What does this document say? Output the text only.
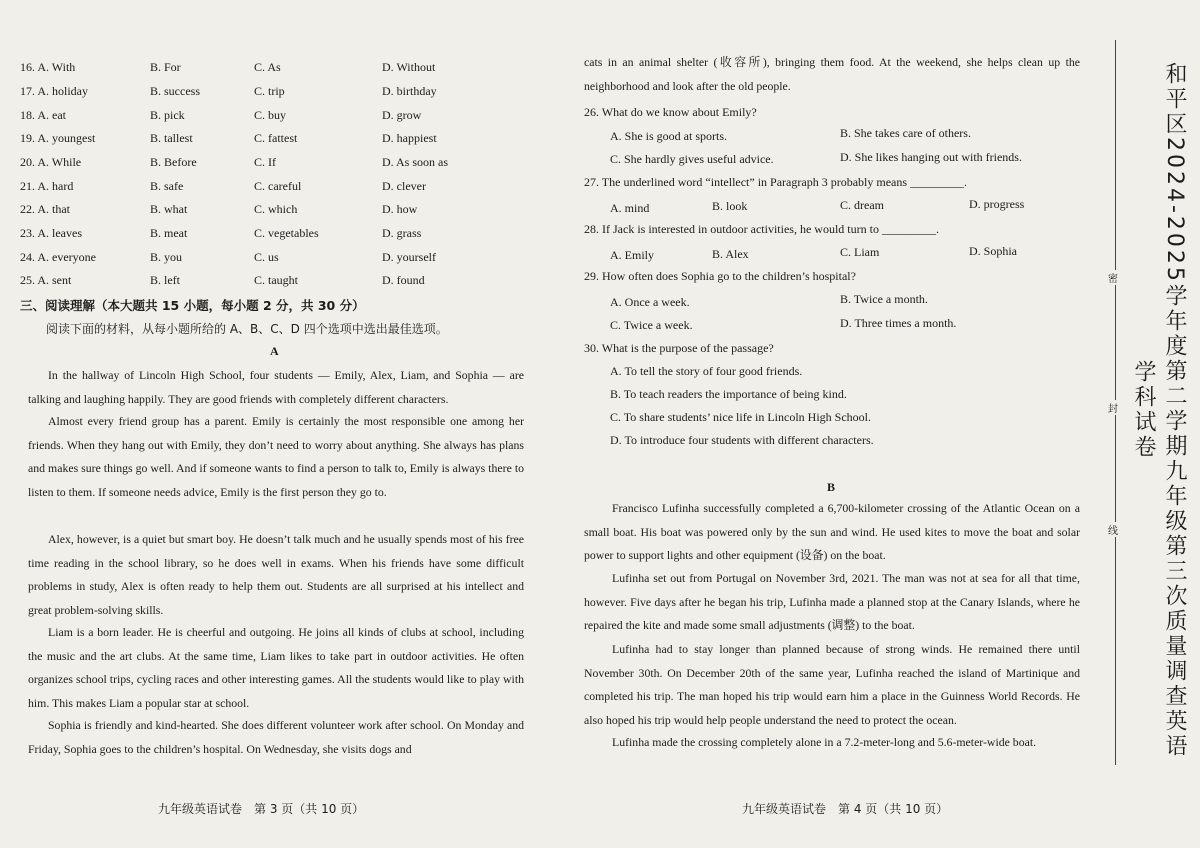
16. A. With	B. For	C. As	D. Without
17. A. holiday	B. success	C. trip	D. birthday
18. A. eat	B. pick	C. buy	D. grow
19. A. youngest	B. tallest	C. fattest	D. happiest
20. A. While	B. Before	C. If	D. As soon as
21. A. hard	B. safe	C. careful	D. clever
22. A. that	B. what	C. which	D. how
23. A. leaves	B. meat	C. vegetables	D. grass
24. A. everyone	B. you	C. us	D. yourself
25. A. sent	B. left	C. taught	D. found
三、阅读理解（本大题共 15 小题，每小题 2 分，共 30 分）
阅读下面的材料，从每小题所给的 A、B、C、D 四个选项中选出最佳选项。
A

In the hallway of Lincoln High School, four students — Emily, Alex, Liam, and Sophia — are talking and laughing happily. They are good friends with completely different characters.

Almost every friend group has a parent. Emily is certainly the most responsible one among her friends. When they hang out with Emily, they don’t need to worry about anything. She always has plans and makes sure things go well. And if someone wants to find a person to talk to, Emily is always there to listen to them. If someone needs advice, Emily is the first person they go to.

Alex, however, is a quiet but smart boy. He doesn’t talk much and he usually spends most of his free time reading in the school library, so he does well in exams. When his friends have some difficult problems in study, Alex is often ready to help them out. Students are all surprised at his intellect and great problem-solving skills.

Liam is a born leader. He is cheerful and outgoing. He joins all kinds of clubs at school, including the music and the art clubs. At the same time, Liam likes to take part in outdoor activities. He often organizes school trips, cycling races and other interesting games. All the students would like to play with him. This makes Liam a popular star at school.

Sophia is friendly and kind-hearted. She does different volunteer work after school. On Monday and Friday, Sophia goes to the children’s hospital. On Wednesday, she visits dogs and

九年级英语试卷　第 3 页（共 10 页）

cats in an animal shelter (收容所), bringing them food. At the weekend, she helps clean up the neighborhood and look after the old people.

26. What do we know about Emily?
A. She is good at sports.	B. She takes care of others.
C. She hardly gives useful advice.	D. She likes hanging out with friends.
27. The underlined word “intellect” in Paragraph 3 probably means _________.
A. mind	B. look	C. dream	D. progress
28. If Jack is interested in outdoor activities, he would turn to _________.
A. Emily	B. Alex	C. Liam	D. Sophia
29. How often does Sophia go to the children’s hospital?
A. Once a week.	B. Twice a month.
C. Twice a week.	D. Three times a month.
30. What is the purpose of the passage?
A. To tell the story of four good friends.
B. To teach readers the importance of being kind.
C. To share students’ nice life in Lincoln High School.
D. To introduce four students with different characters.
B

Francisco Lufinha successfully completed a 6,700-kilometer crossing of the Atlantic Ocean on a small boat. His boat was powered only by the sun and wind. He used kites to move the boat and solar power to support lights and other equipment (设备) on the boat.

Lufinha set out from Portugal on November 3rd, 2021. The man was not at sea for all that time, however. Five days after he began his trip, Lufinha made a planned stop at the Canary Islands, where he repaired the kite and made some small adjustments (调整) to the boat.

Lufinha had to stay longer than planned because of strong winds. He remained there until November 30th. On December 20th of the same year, Lufinha reached the island of Martinique and completed his trip. The man hoped his trip would earn him a place in the Guinness World Records. He also hoped his trip would help people understand the need to protect the ocean.

Lufinha made the crossing completely alone in a 7.2-meter-long and 5.6-meter-wide boat.

九年级英语试卷　第 4 页（共 10 页）
密
封
线	和平区2024-2025学年度第二学期九年级第三次质量调查英语学科试卷
